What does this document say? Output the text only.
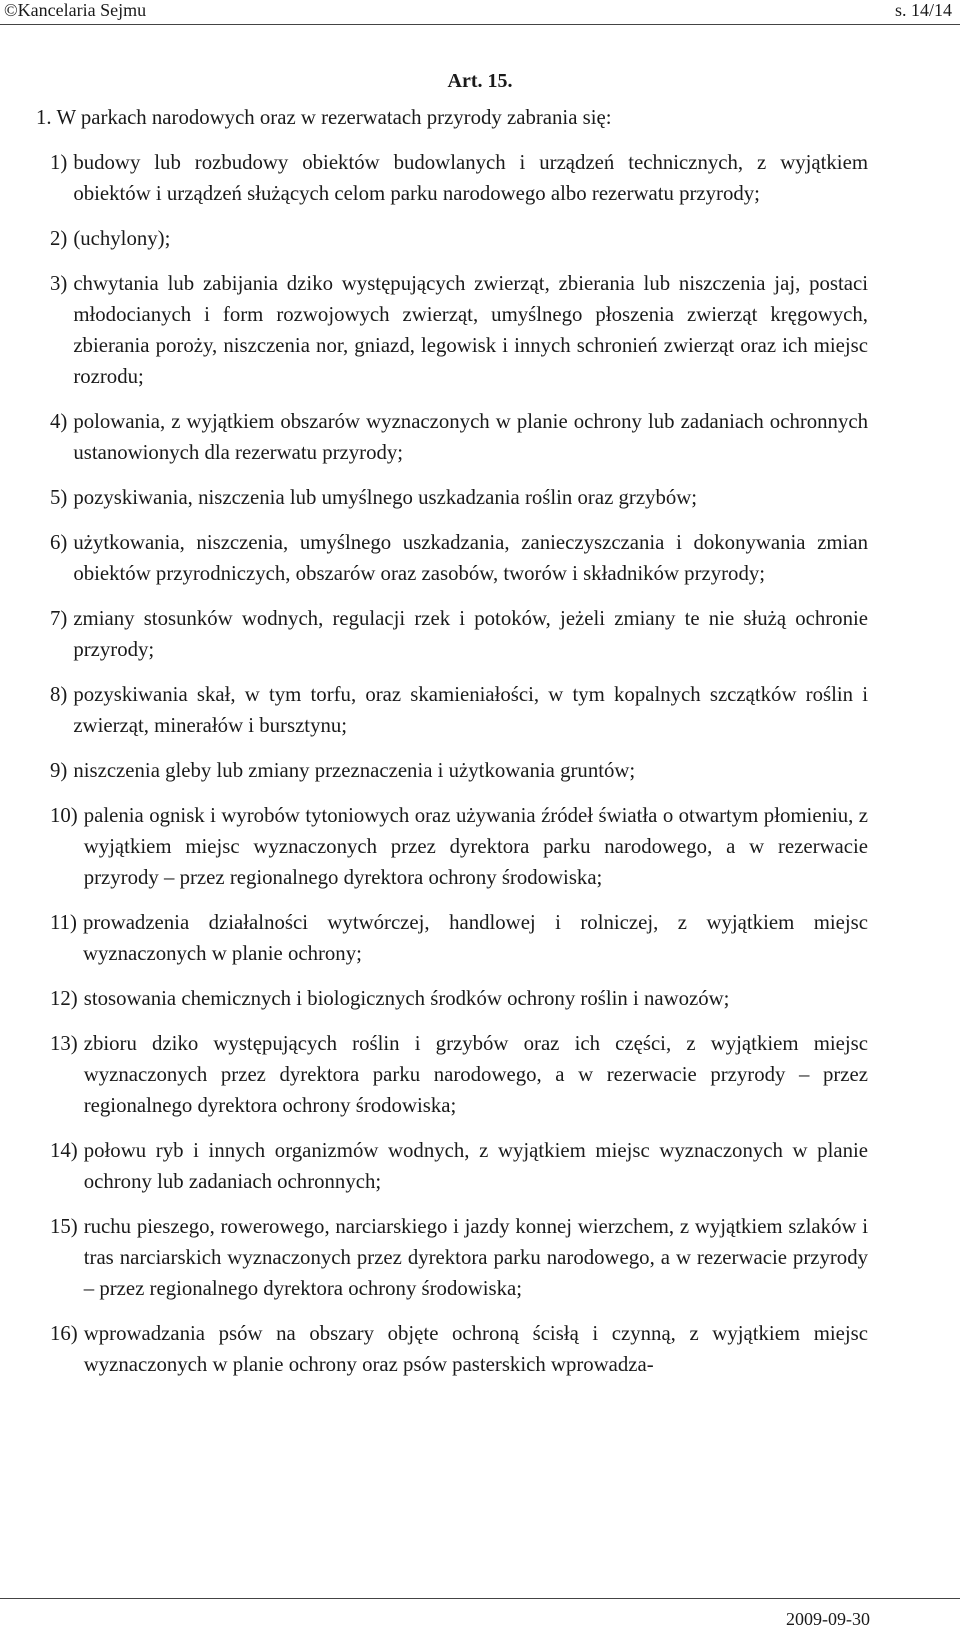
©Kancelaria Sejmu	s. 14/14
Art. 15.

1. W parkach narodowych oraz w rezerwatach przyrody zabrania się:

1) budowy lub rozbudowy obiektów budowlanych i urządzeń technicznych, z wyjątkiem obiektów i urządzeń służących celom parku narodowego albo rezerwatu przyrody;
2) (uchylony);
3) chwytania lub zabijania dziko występujących zwierząt, zbierania lub niszczenia jaj, postaci młodocianych i form rozwojowych zwierząt, umyślnego płoszenia zwierząt kręgowych, zbierania poroży, niszczenia nor, gniazd, legowisk i innych schronień zwierząt oraz ich miejsc rozrodu;
4) polowania, z wyjątkiem obszarów wyznaczonych w planie ochrony lub zadaniach ochronnych ustanowionych dla rezerwatu przyrody;
5) pozyskiwania, niszczenia lub umyślnego uszkadzania roślin oraz grzybów;
6) użytkowania, niszczenia, umyślnego uszkadzania, zanieczyszczania i dokonywania zmian obiektów przyrodniczych, obszarów oraz zasobów, tworów i składników przyrody;
7) zmiany stosunków wodnych, regulacji rzek i potoków, jeżeli zmiany te nie służą ochronie przyrody;
8) pozyskiwania skał, w tym torfu, oraz skamieniałości, w tym kopalnych szczątków roślin i zwierząt, minerałów i bursztynu;
9) niszczenia gleby lub zmiany przeznaczenia i użytkowania gruntów;
10) palenia ognisk i wyrobów tytoniowych oraz używania źródeł światła o otwartym płomieniu, z wyjątkiem miejsc wyznaczonych przez dyrektora parku narodowego, a w rezerwacie przyrody – przez regionalnego dyrektora ochrony środowiska;
11) prowadzenia działalności wytwórczej, handlowej i rolniczej, z wyjątkiem miejsc wyznaczonych w planie ochrony;
12) stosowania chemicznych i biologicznych środków ochrony roślin i nawozów;
13) zbioru dziko występujących roślin i grzybów oraz ich części, z wyjątkiem miejsc wyznaczonych przez dyrektora parku narodowego, a w rezerwacie przyrody – przez regionalnego dyrektora ochrony środowiska;
14) połowu ryb i innych organizmów wodnych, z wyjątkiem miejsc wyznaczonych w planie ochrony lub zadaniach ochronnych;
15) ruchu pieszego, rowerowego, narciarskiego i jazdy konnej wierzchem, z wyjątkiem szlaków i tras narciarskich wyznaczonych przez dyrektora parku narodowego, a w rezerwacie przyrody – przez regionalnego dyrektora ochrony środowiska;
16) wprowadzania psów na obszary objęte ochroną ścisłą i czynną, z wyjątkiem miejsc wyznaczonych w planie ochrony oraz psów pasterskich wprowadza-
2009-09-30
